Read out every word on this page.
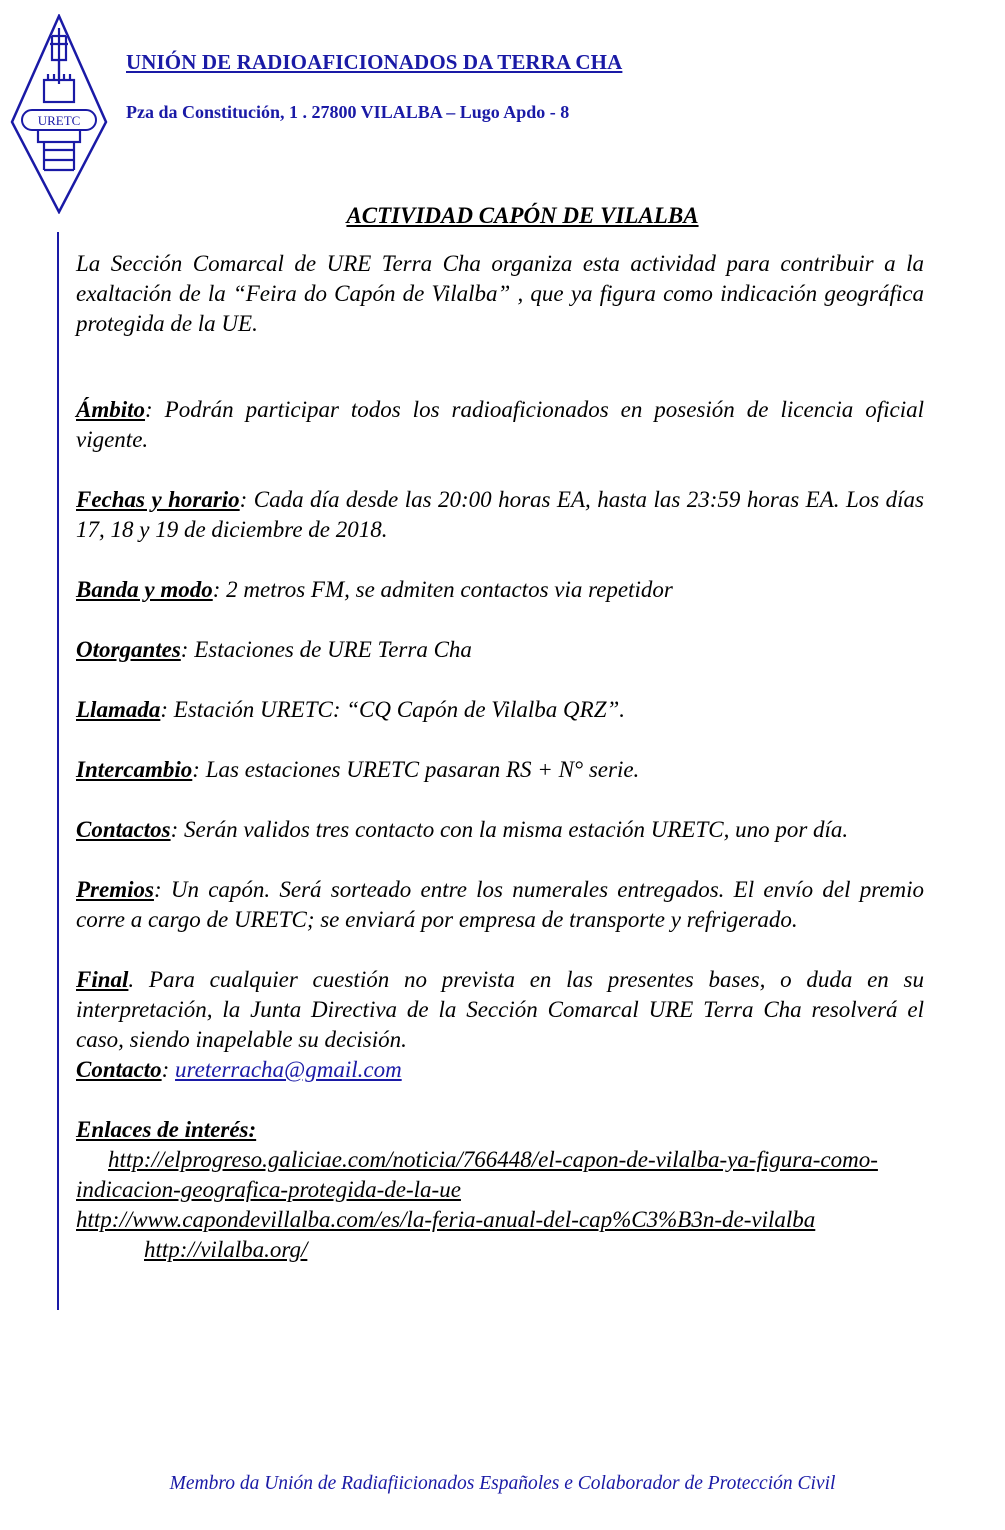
URETC

UNIÓN DE RADIOAFICIONADOS DA TERRA CHA

Pza da Constitución, 1 . 27800 VILALBA – Lugo Apdo - 8

ACTIVIDAD CAPÓN DE VILALBA

La Sección Comarcal de URE Terra Cha organiza esta actividad para contribuir a la exaltación de la “Feira do Capón de Vilalba” , que ya figura como indicación geográfica protegida de la UE.

Ámbito: Podrán participar todos los radioaficionados en posesión de licencia oficial vigente.

Fechas y horario: Cada día desde las 20:00 horas EA, hasta las 23:59 horas EA. Los días 17, 18 y 19 de diciembre de 2018.

Banda y modo: 2 metros FM, se admiten contactos via repetidor

Otorgantes: Estaciones de URE Terra Cha

Llamada: Estación URETC: “CQ Capón de Vilalba QRZ”.

Intercambio: Las estaciones URETC pasaran RS + N° serie.

Contactos: Serán validos tres contacto con la misma estación URETC, uno por día.

Premios: Un capón. Será sorteado entre los numerales entregados. El envío del premio corre a cargo de URETC; se enviará por empresa de transporte y refrigerado.

Final. Para cualquier cuestión no prevista en las presentes bases, o duda en su interpretación, la Junta Directiva de la Sección Comarcal URE Terra Cha resolverá el caso, siendo inapelable su decisión.

Contacto: ureterracha@gmail.com

Enlaces de interés:

http://elprogreso.galiciae.com/noticia/766448/el-capon-de-vilalba-ya-figura-como-indicacion-geografica-protegida-de-la-ue
http://www.capondevillalba.com/es/la-feria-anual-del-cap%C3%B3n-de-vilalba
http://vilalba.org/

Membro da Unión de Radiafiicionados Españoles e Colaborador de Protección Civil
